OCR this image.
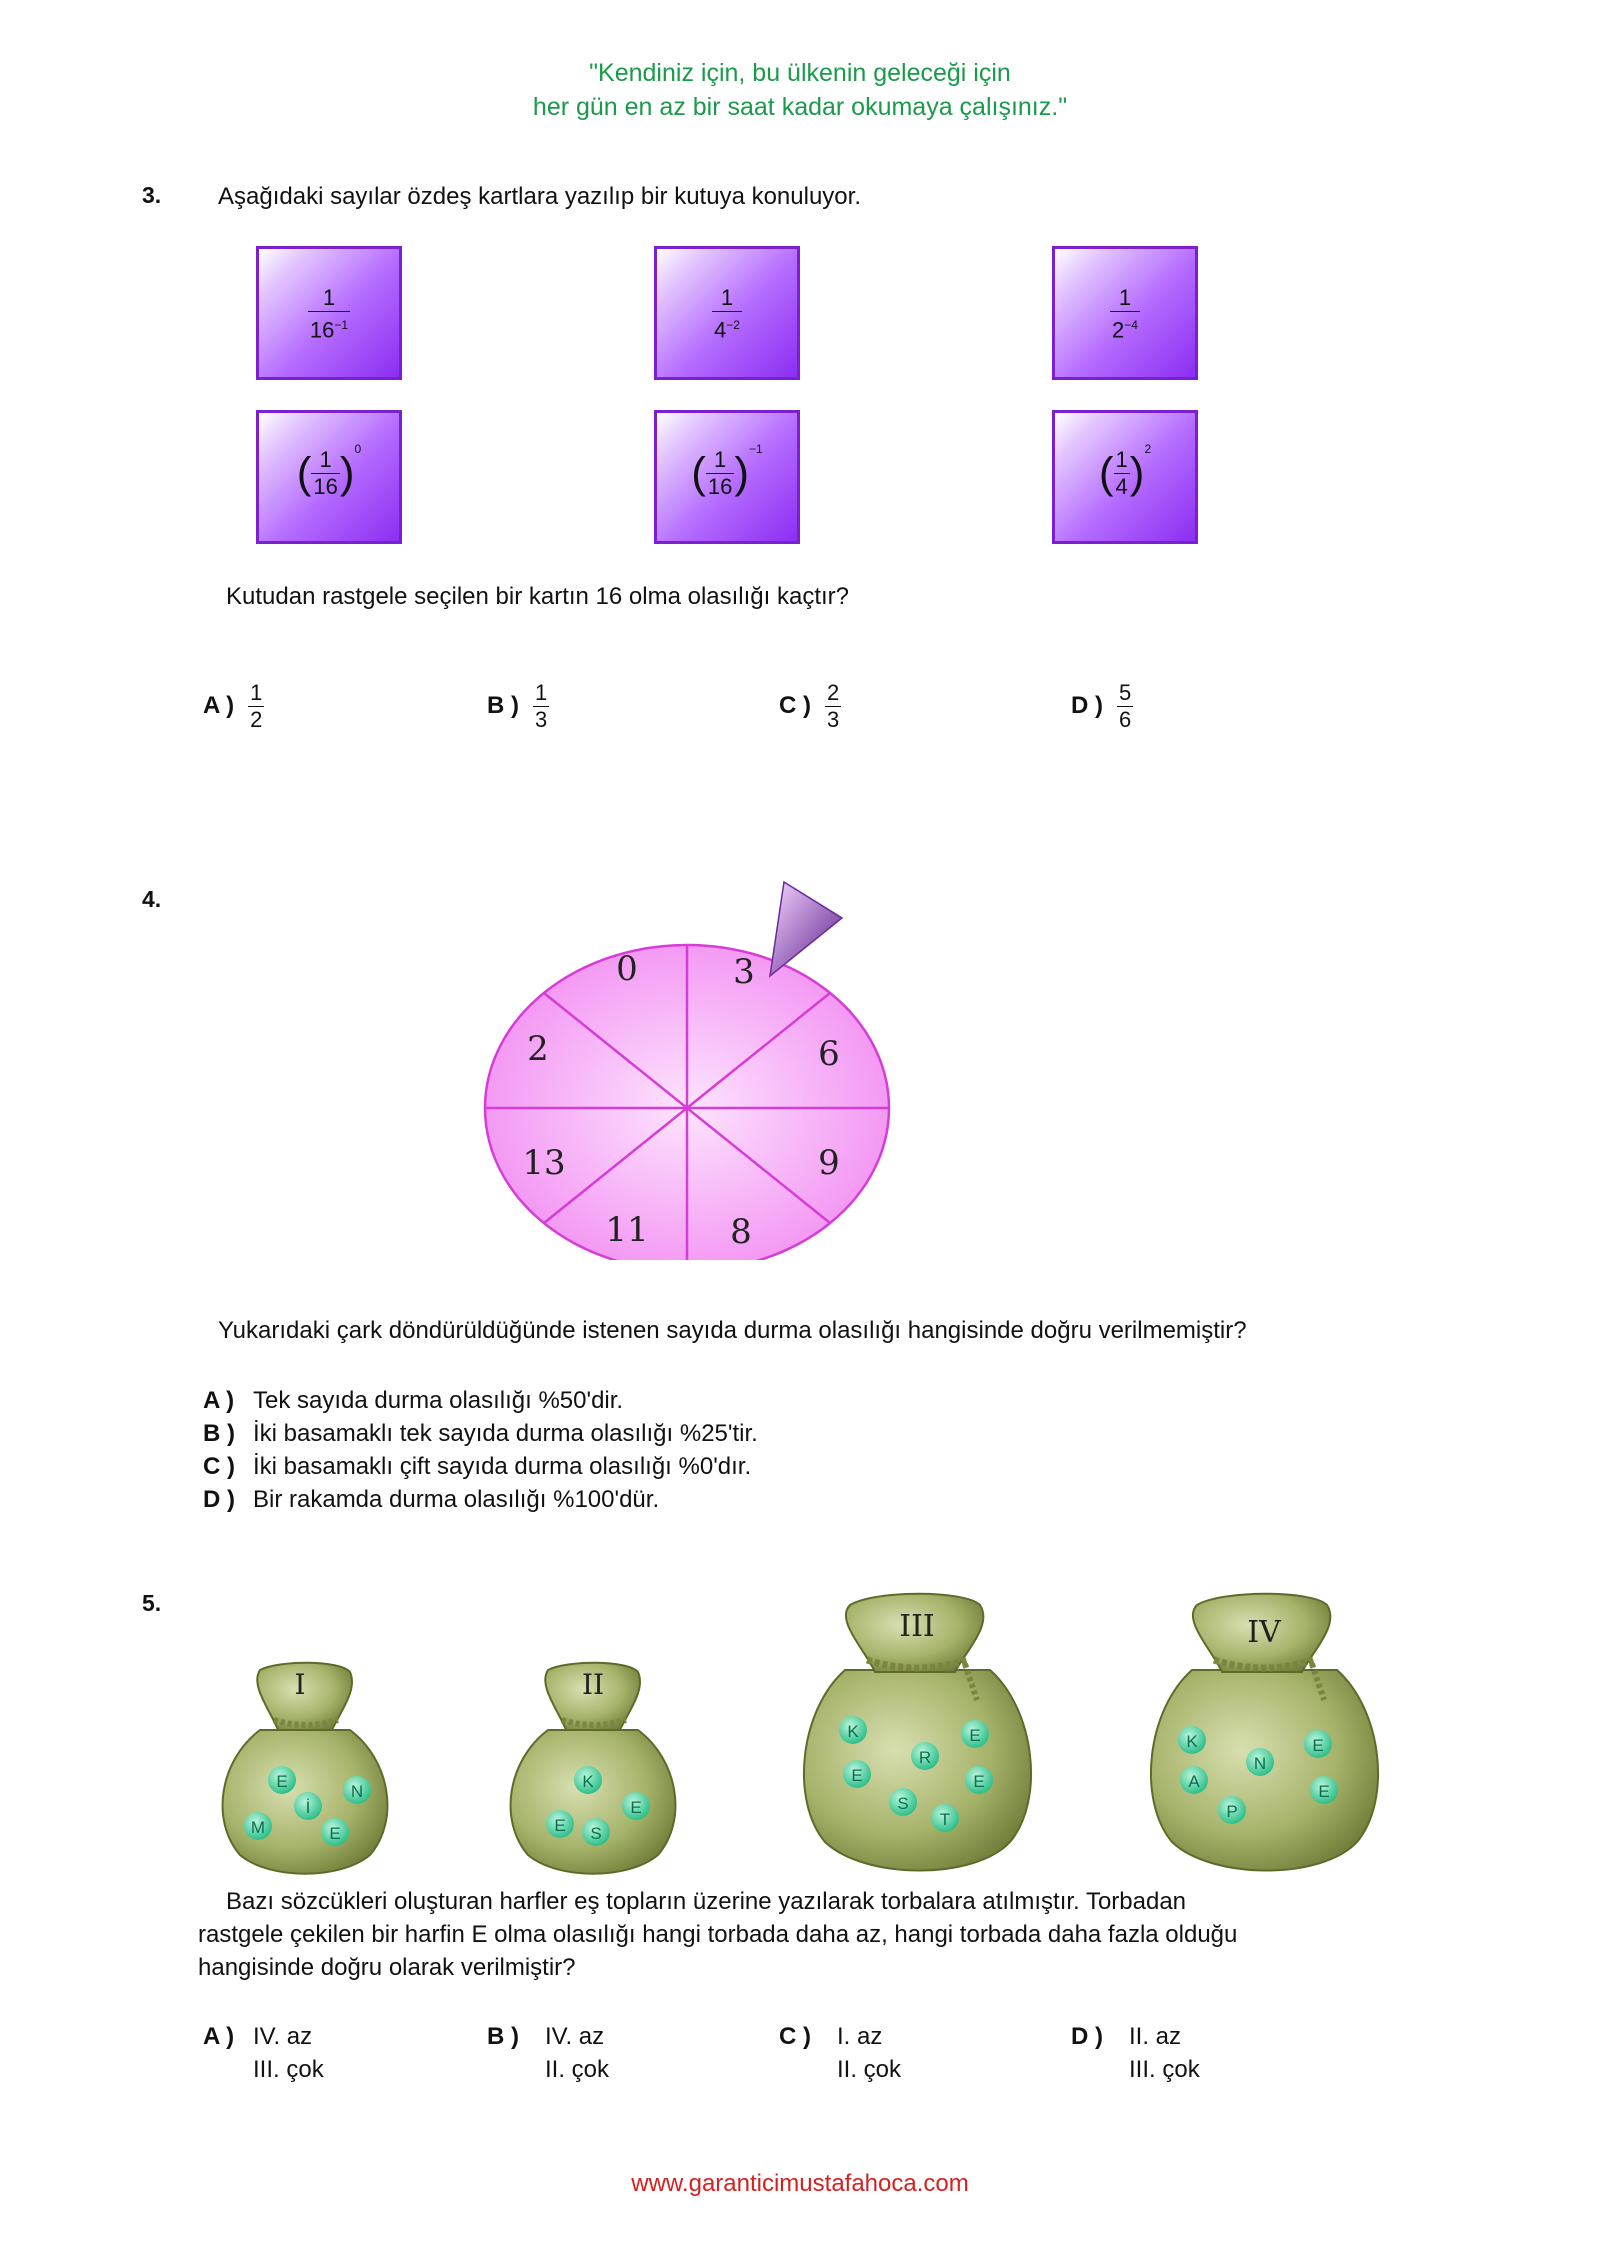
"Kendiniz için, bu ülkenin geleceği için
her gün en az bir saat kadar okumaya çalışınız."
3. Aşağıdaki sayılar özdeş kartlara yazılıp bir kutuya konuluyor.
$\frac{1}{16^{-1}}$	$\frac{1}{4^{-2}}$	$\frac{1}{2^{-4}}$
( $\frac{1}{16} )^0$	( $\frac{1}{16} )^{-1}$	( $\frac{1}{4} )^2$
Kutudan rastgele seçilen bir kartın 16 olma olasılığı kaçtır?
A ) $\frac{1}{2}$	B ) $\frac{1}{3}$	C ) $\frac{2}{3}$	D ) $\frac{5}{6}$
4.
0	3
6
9
8
11
13
2
Yukarıdaki çark döndürüldüğünde istenen sayıda durma olasılığı hangisinde doğru verilmemiştir?
A ) Tek sayıda durma olasılığı %50'dir.
B ) İki basamaklı tek sayıda durma olasılığı %25'tir.
C ) İki basamaklı çift sayıda durma olasılığı %0'dır.
D ) Bir rakamda durma olasılığı %100'dür.
5.
I
E
N
İ
M	E
II
K
E
E S
III
K	E
R
E	E
S
T
IV
K	E
N
A
E
P
Bazı sözcükleri oluşturan harfler eş topların üzerine yazılarak torbalara atılmıştır. Torbadan
rastgele çekilen bir harfin E olma olasılığı hangi torbada daha az, hangi torbada daha fazla olduğu
hangisinde doğru olarak verilmiştir?
A ) IV. az
III. çok
B ) IV. az
II. çok
C ) I. az
II. çok
D ) II. az
III. çok
www.garanticimustafahoca.com
